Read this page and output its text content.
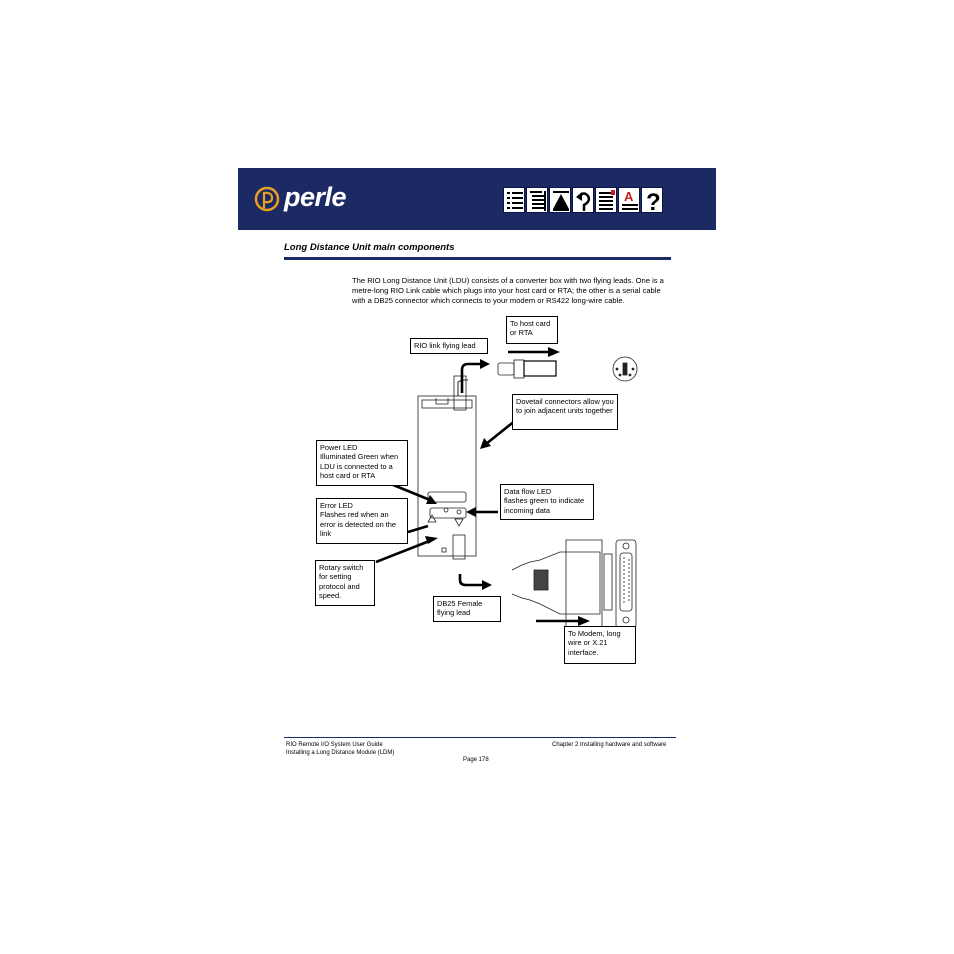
perle	A ?
Long Distance Unit main components
The RIO Long Distance Unit (LDU) consists of a converter box with two flying leads. One is a metre-long RIO Link cable which plugs into your host card or RTA; the other is a serial cable with a DB25 connector which connects to your modem or RS422 long-wire cable.
To host card or RTA
RIO link flying lead
Dovetail connectors allow you to join adjacent units together
Power LED
Illuminated Green when LDU is connected to a host card or RTA
Data flow LED
flashes green to indicate incoming data
Error LED
Flashes red when an error is detected on the link
Rotary switch for setting protocol and speed.
DB25 Female flying lead
To Modem, long wire or X.21 interface.
RIO Remote I/O System User Guide
Installing a Long Distance Module (LDM)
Chapter 2 Installing hardware and software
Page 178
